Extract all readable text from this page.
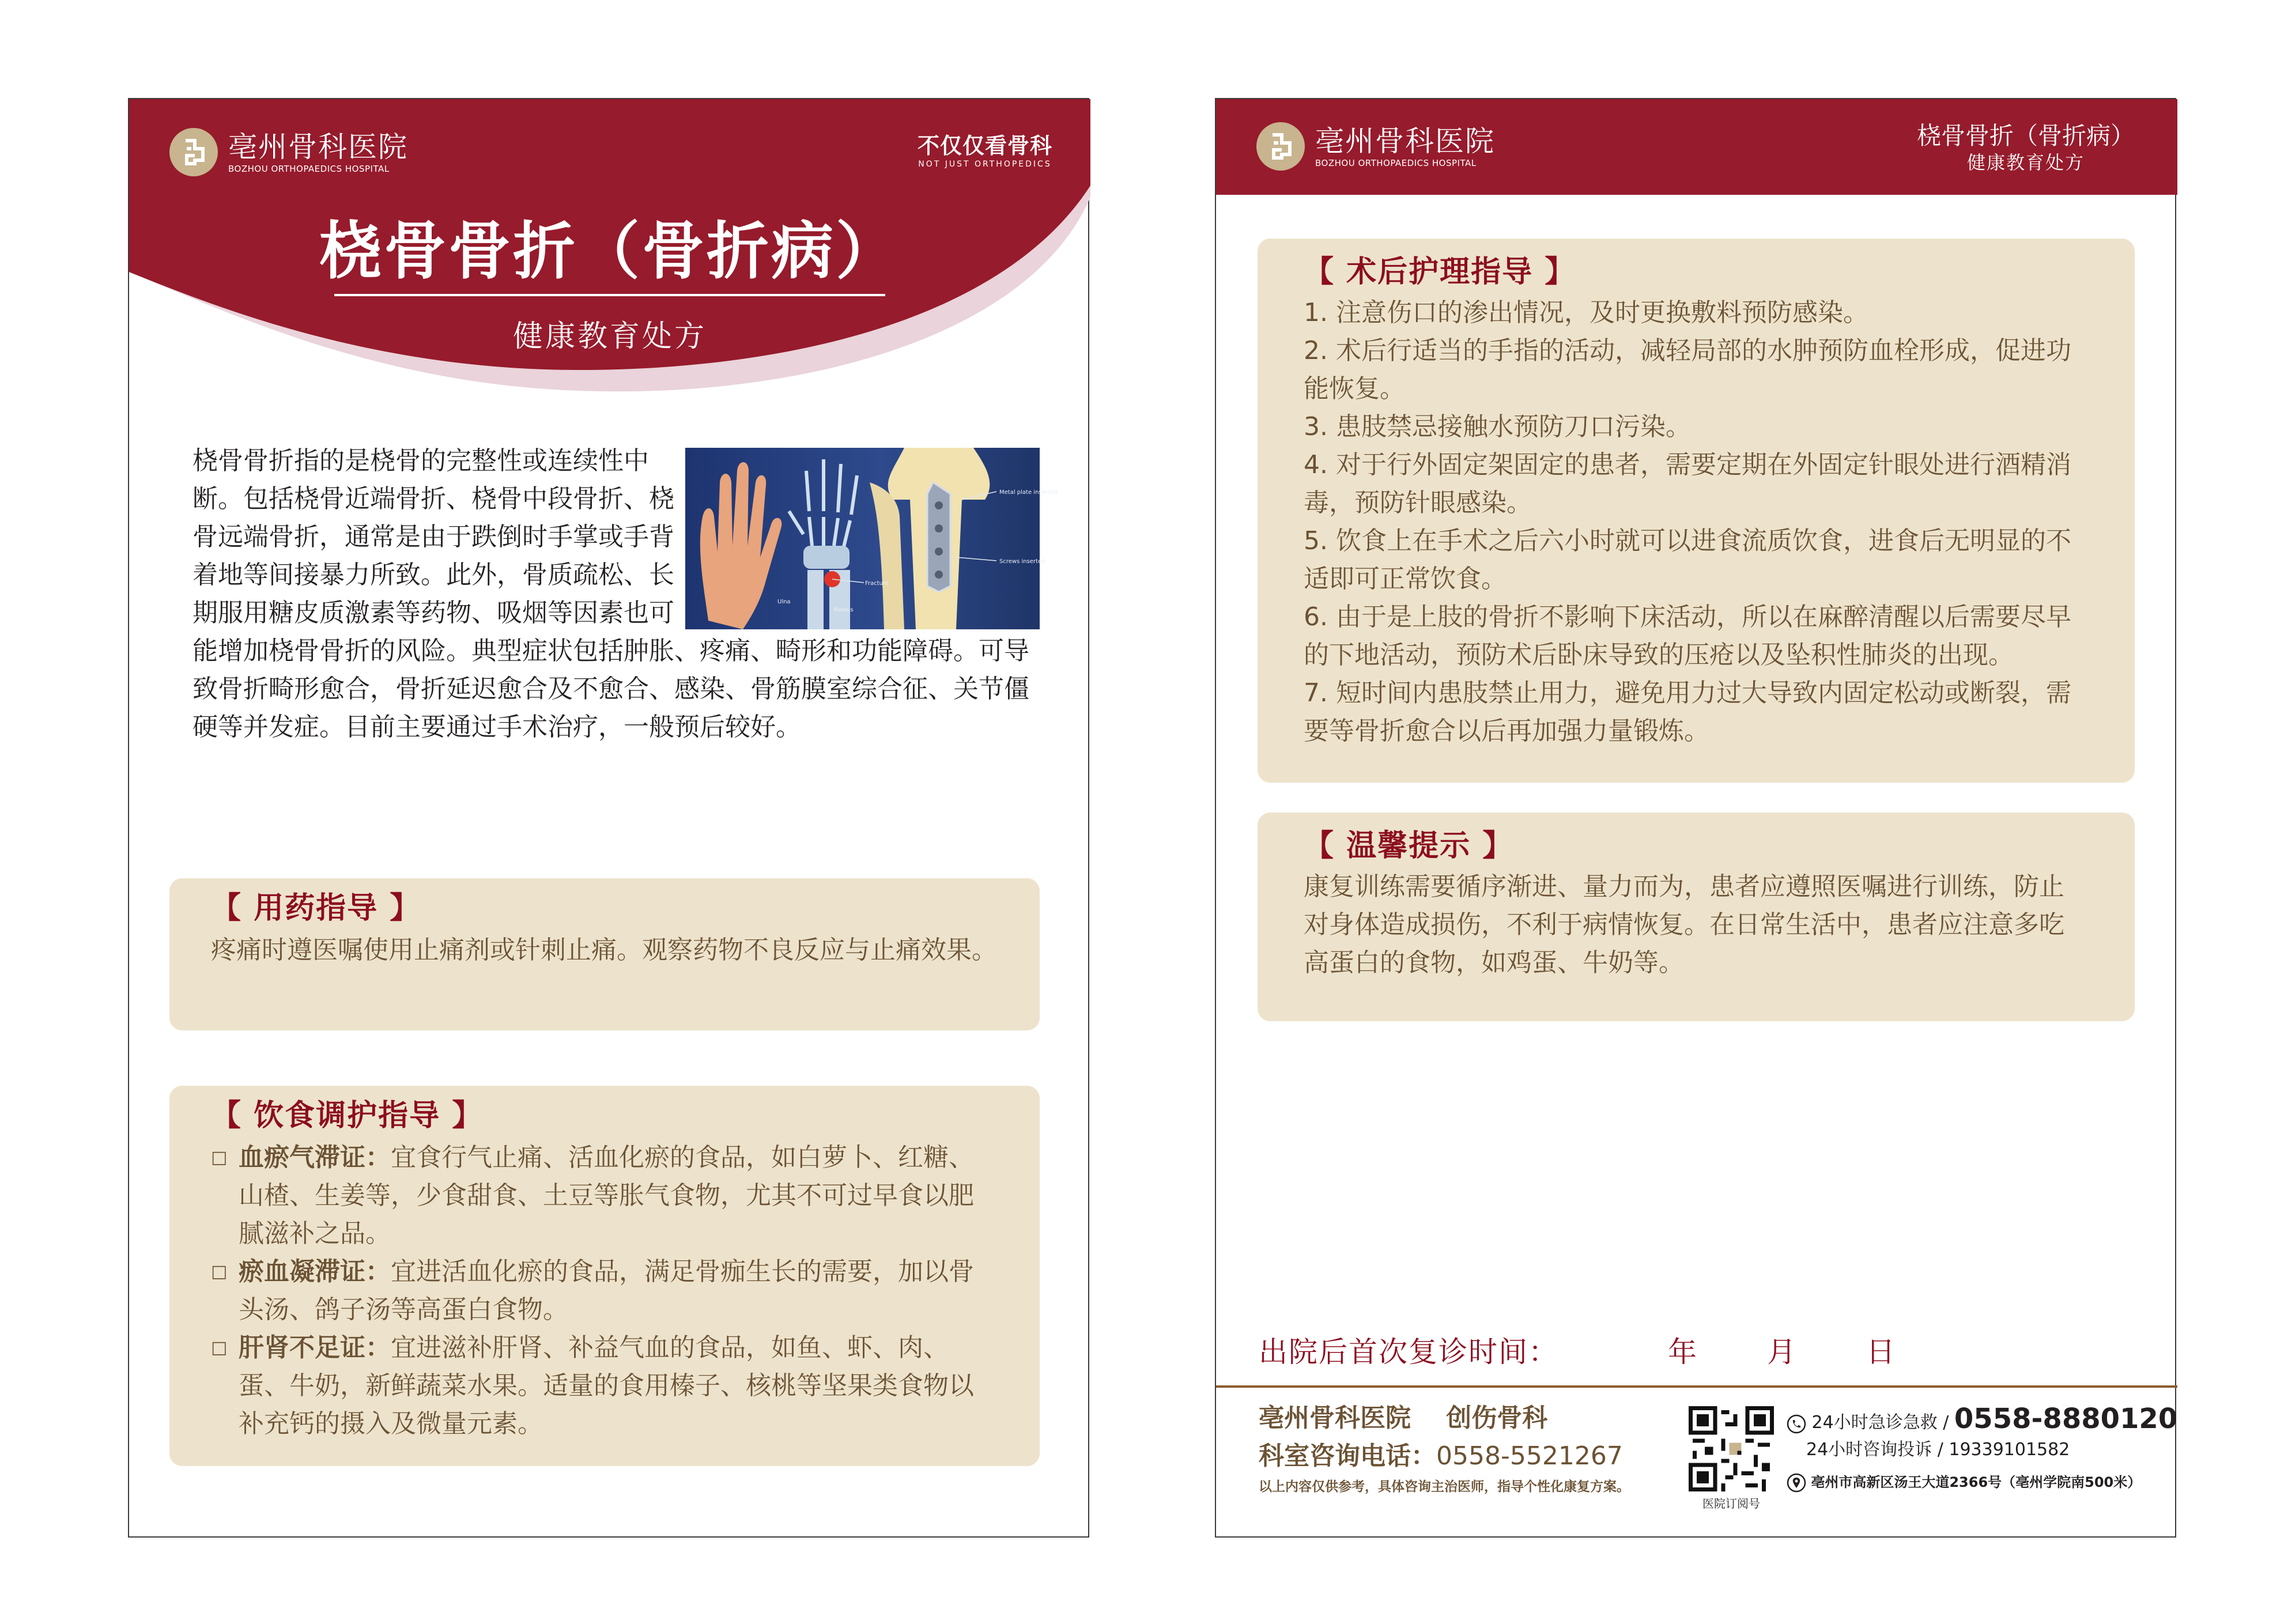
亳州骨科医院
BOZHOU ORTHOPAEDICS HOSPITAL
不仅仅看骨科
NOT JUST ORTHOPEDICS
桡骨骨折（骨折病）
健康教育处方
桡骨骨折指的是桡骨的完整性或连续性中断。包括桡骨近端骨折、桡骨中段骨折、桡骨远端骨折，通常是由于跌倒时手掌或手背着地等间接暴力所致。此外，骨质疏松、长期服用糖皮质激素等药物、吸烟等因素也可能增加桡骨骨折的风险。典型症状包括肿胀、疼痛、畸形和功能障碍。可导致骨折畸形愈合，骨折延迟愈合及不愈合、感染、骨筋膜室综合征、关节僵硬等并发症。目前主要通过手术治疗，一般预后较好。
Metal plate inserted
Screws inserted
Fracture
Ulna
Radius
【 用药指导 】
疼痛时遵医嘱使用止痛剂或针刺止痛。观察药物不良反应与止痛效果。
【 饮食调护指导 】

□ 血瘀气滞证：宜食行气止痛、活血化瘀的食品，如白萝卜、红糖、山楂、生姜等，少食甜食、土豆等胀气食物，尤其不可过早食以肥腻滋补之品。

□ 瘀血凝滞证：宜进活血化瘀的食品，满足骨痂生长的需要，加以骨头汤、鸽子汤等高蛋白食物。

□ 肝肾不足证：宜进滋补肝肾、补益气血的食品，如鱼、虾、肉、蛋、牛奶，新鲜蔬菜水果。适量的食用榛子、核桃等坚果类食物以补充钙的摄入及微量元素。

亳州骨科医院
BOZHOU ORTHOPAEDICS HOSPITAL
桡骨骨折（骨折病）
健康教育处方
【 术后护理指导 】

1. 注意伤口的渗出情况，及时更换敷料预防感染。

2. 术后行适当的手指的活动，减轻局部的水肿预防血栓形成，促进功能恢复。

3. 患肢禁忌接触水预防刀口污染。

4. 对于行外固定架固定的患者，需要定期在外固定针眼处进行酒精消毒，预防针眼感染。

5. 饮食上在手术之后六小时就可以进食流质饮食，进食后无明显的不适即可正常饮食。

6. 由于是上肢的骨折不影响下床活动，所以在麻醉清醒以后需要尽早的下地活动，预防术后卧床导致的压疮以及坠积性肺炎的出现。

7. 短时间内患肢禁止用力，避免用力过大导致内固定松动或断裂，需要等骨折愈合以后再加强力量锻炼。

【 温馨提示 】
康复训练需要循序渐进、量力而为，患者应遵照医嘱进行训练，防止对身体造成损伤，不利于病情恢复。在日常生活中，患者应注意多吃高蛋白的食物，如鸡蛋、牛奶等。
出院后首次复诊时间：	年 月 日
亳州骨科医院    创伤骨科
科室咨询电话：0558-5521267
以上内容仅供参考，具体咨询主治医师，指导个性化康复方案。
医院订阅号
24小时急诊急救 / 0558-8880120
24小时咨询投诉 / 19339101582
亳州市高新区汤王大道2366号（亳州学院南500米）
